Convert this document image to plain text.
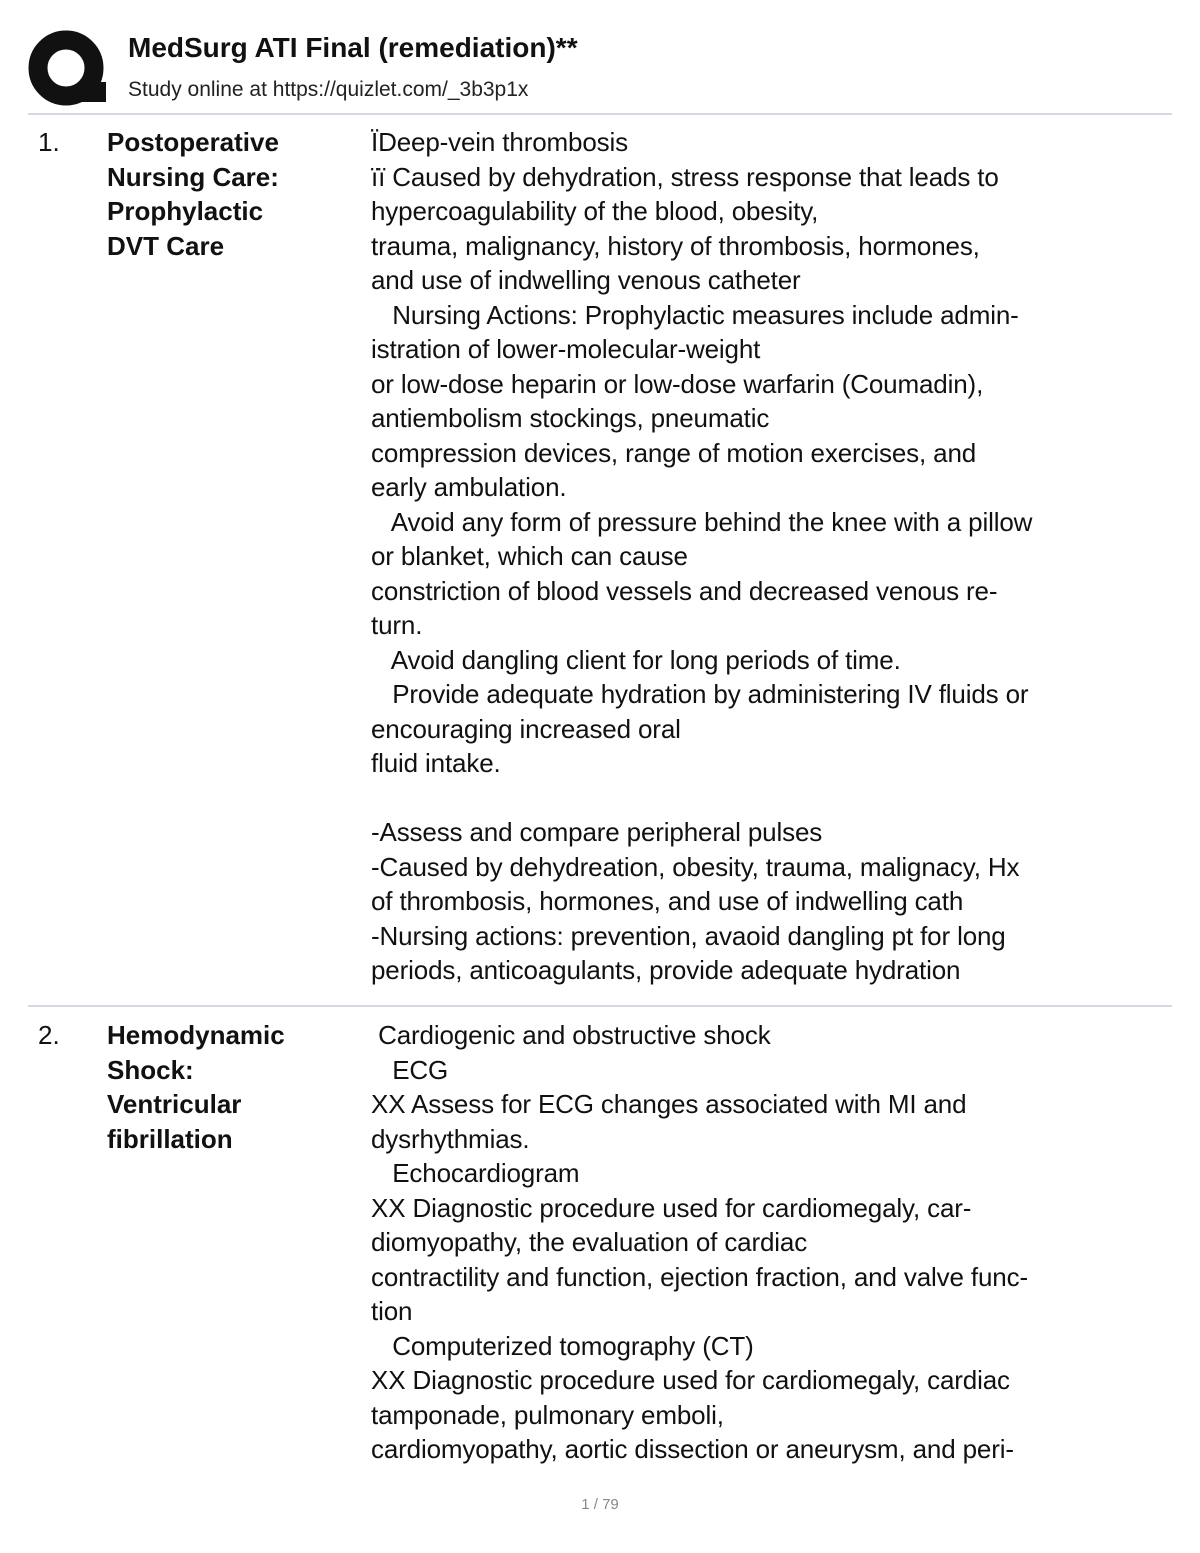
MedSurg ATI Final (remediation)**
Study online at https://quizlet.com/_3b3p1x
1. Postoperative
Nursing Care:
Prophylactic
DVT Care
ÏDeep-vein thrombosis
ïï Caused by dehydration, stress response that leads to
hypercoagulability of the blood, obesity,
trauma, malignancy, history of thrombosis, hormones,
and use of indwelling venous catheter
Nursing Actions: Prophylactic measures include admin-
istration of lower-molecular-weight
or low-dose heparin or low-dose warfarin (Coumadin),
antiembolism stockings, pneumatic
compression devices, range of motion exercises, and
early ambulation.
Avoid any form of pressure behind the knee with a pillow
or blanket, which can cause
constriction of blood vessels and decreased venous re-
turn.
Avoid dangling client for long periods of time.
Provide adequate hydration by administering IV fluids or
encouraging increased oral
fluid intake.
-Assess and compare peripheral pulses
-Caused by dehydreation, obesity, trauma, malignacy, Hx
of thrombosis, hormones, and use of indwelling cath
-Nursing actions: prevention, avaoid dangling pt for long
periods, anticoagulants, provide adequate hydration
2. Hemodynamic
Shock:
Ventricular
fibrillation
Cardiogenic and obstructive shock
ECG
XX Assess for ECG changes associated with MI and
dysrhythmias.
Echocardiogram
XX Diagnostic procedure used for cardiomegaly, car-
diomyopathy, the evaluation of cardiac
contractility and function, ejection fraction, and valve func-
tion
Computerized tomography (CT)
XX Diagnostic procedure used for cardiomegaly, cardiac
tamponade, pulmonary emboli,
cardiomyopathy, aortic dissection or aneurysm, and peri-
1 / 79
